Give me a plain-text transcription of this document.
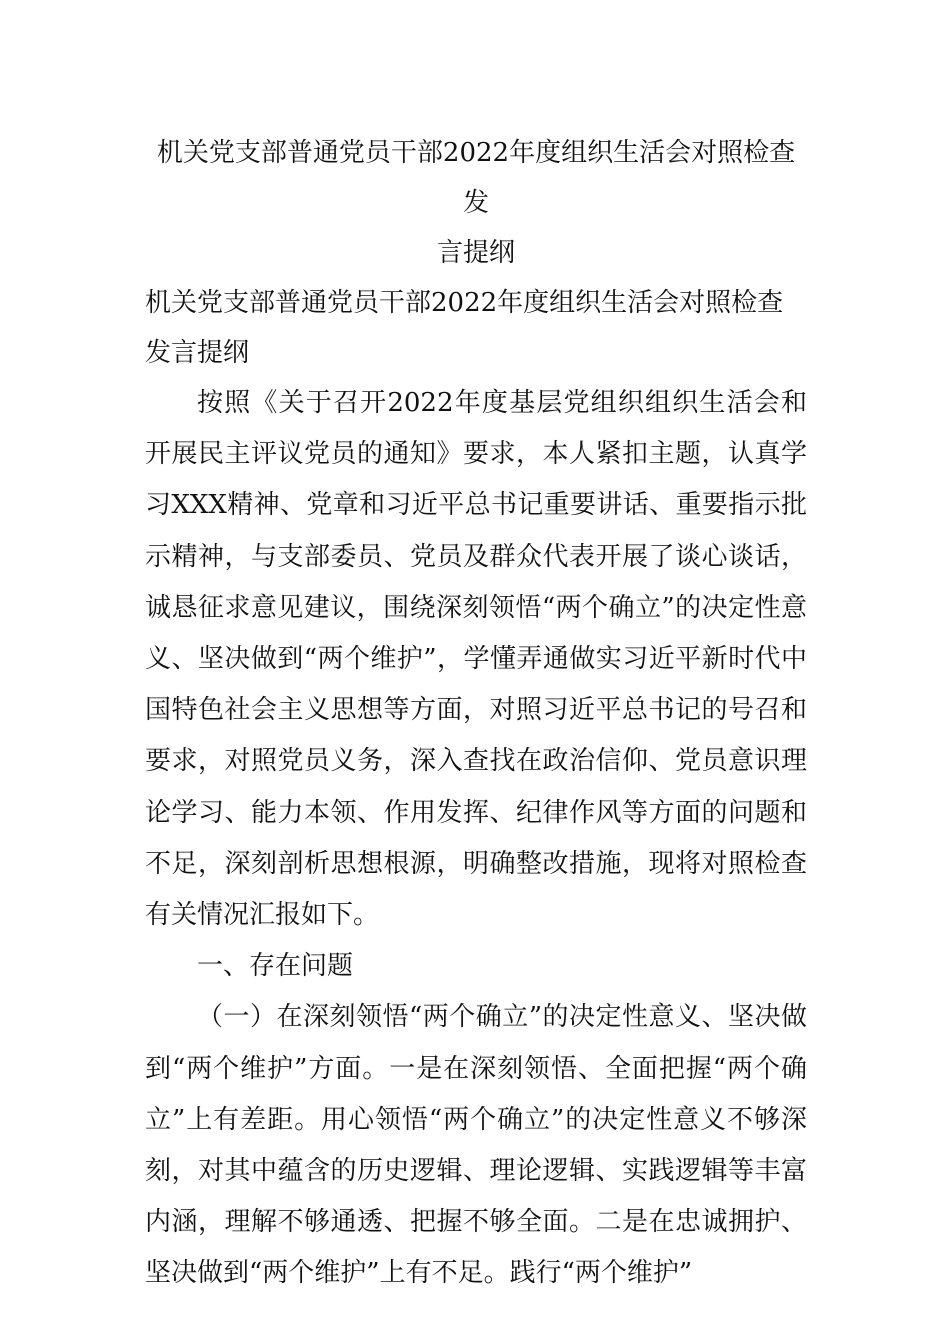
机关党支部普通党员干部2022年度组织生活会对照检查发
言提纲

机关党支部普通党员干部2022年度组织生活会对照检查发言提纲

按照《关于召开2022年度基层党组织组织生活会和开展民主评议党员的通知》要求，本人紧扣主题，认真学习XXX精神、党章和习近平总书记重要讲话、重要指示批示精神，与支部委员、党员及群众代表开展了谈心谈话，诚恳征求意见建议，围绕深刻领悟“两个确立”的决定性意义、坚决做到“两个维护”，学懂弄通做实习近平新时代中国特色社会主义思想等方面，对照习近平总书记的号召和要求，对照党员义务，深入查找在政治信仰、党员意识理论学习、能力本领、作用发挥、纪律作风等方面的问题和不足，深刻剖析思想根源，明确整改措施，现将对照检查有关情况汇报如下。

一、存在问题

（一）在深刻领悟“两个确立”的决定性意义、坚决做到“两个维护”方面。一是在深刻领悟、全面把握“两个确立”上有差距。用心领悟“两个确立”的决定性意义不够深刻，对其中蕴含的历史逻辑、理论逻辑、实践逻辑等丰富内涵，理解不够通透、把握不够全面。二是在忠诚拥护、坚决做到“两个维护”上有不足。践行“两个维护”
